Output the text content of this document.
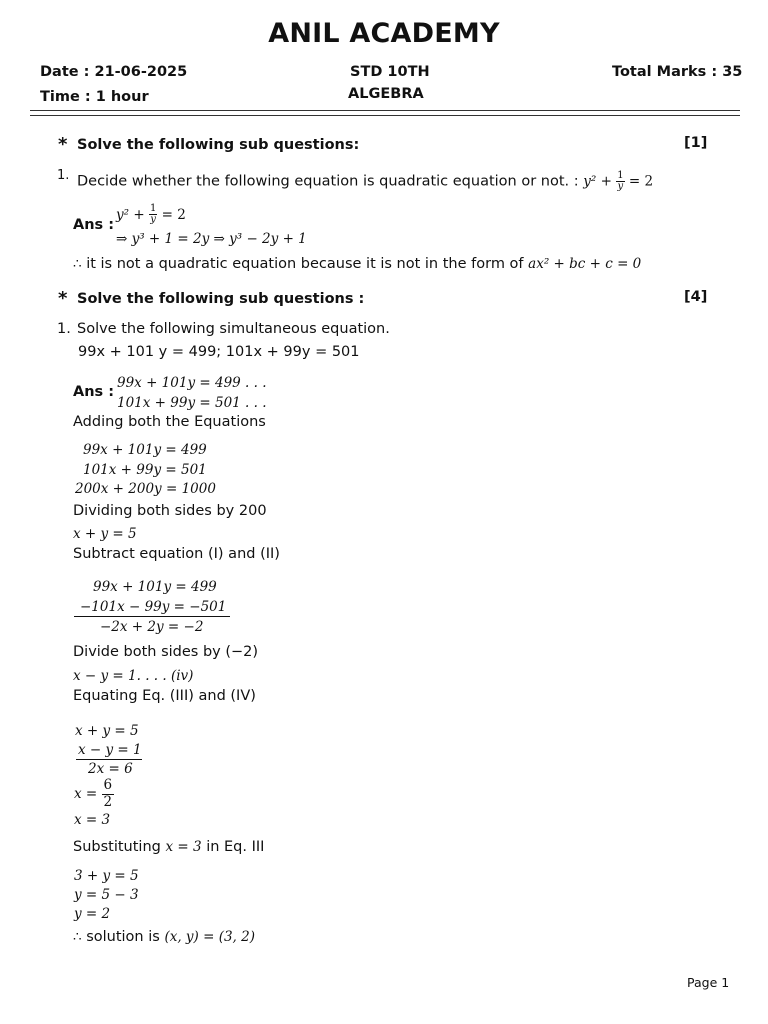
ANIL ACADEMY
Date : 21-06-2025
Time : 1 hour
STD 10TH
ALGEBRA
Total Marks : 35
* Solve the following sub questions:	[1]
1. Decide whether the following equation is quadratic equation or not. : $y^2 + \frac{1}{y} = 2$
Ans :
$y^2 + \frac{1}{y} = 2$
⇒ y³ + 1 = 2y ⇒ y³ − 2y + 1
∴ it is not a quadratic equation because it is not in the form of ax² + bc + c = 0
* Solve the following sub questions :	[4]
1. Solve the following simultaneous equation.
99x + 101 y = 499; 101x + 99y = 501
Ans :
99x + 101y = 499 . . .
101x + 99y = 501 . . .
Adding both the Equations
99x + 101y = 499
101x + 99y = 501
200x + 200y = 1000
Dividing both sides by 200
x + y = 5
Subtract equation (I) and (II)
99x + 101y = 499
−101x − 99y = −501
−2x + 2y = −2
Divide both sides by (−2)
x − y = 1. . . . (iv)
Equating Eq. (III) and (IV)
x + y = 5
x − y = 1
2x = 6
$x = \frac{6}{2}$
x = 3
Substituting x = 3 in Eq. III
3 + y = 5
y = 5 − 3
y = 2
∴ solution is (x, y) = (3, 2)
Page 1
